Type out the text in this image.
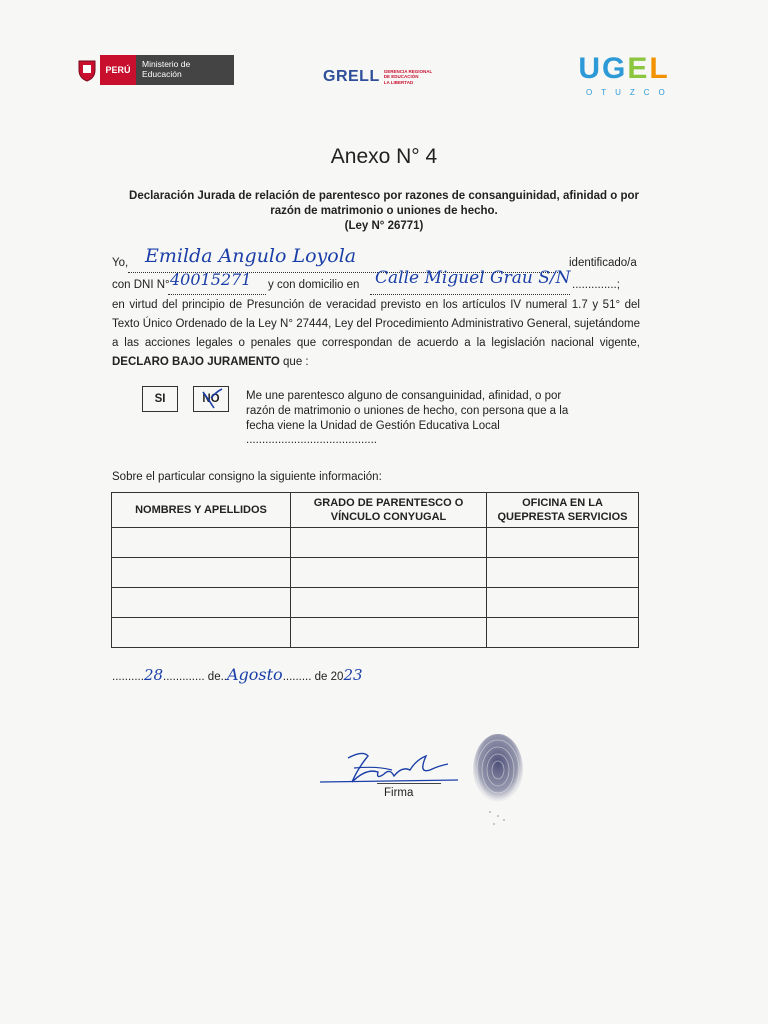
PERÚ
Ministerio de Educación	GRELL GERENCIA REGIONAL
DE EDUCACIÓN
LA LIBERTAD	UGEL
OTUZCO
Anexo N° 4
Declaración Jurada de relación de parentesco por razones de consanguinidad, afinidad o por
razón de matrimonio o uniones de hecho.
(Ley N° 26771)
Yo, Emilda Angulo Loyola	identificado/a
con DNI N° 40015271 y con domicilio en Calle Miguel Grau S/N ..............;
en virtud del principio de Presunción de veracidad previsto en los artículos IV numeral 1.7 y 51° del Texto Único Ordenado de la Ley N° 27444, Ley del Procedimiento Administrativo General, sujetándome a las acciones legales o penales que correspondan de acuerdo a la legislación nacional vigente, DECLARO BAJO JURAMENTO que :
SI	NO Me une parentesco alguno de consanguinidad, afinidad, o por
razón de matrimonio o uniones de hecho, con persona que a la
fecha viene la Unidad de Gestión Educativa Local
.........................................
Sobre el particular consigno la siguiente información:
NOMBRES Y APELLIDOS	GRADO DE PARENTESCO O VÍNCULO CONYUGAL	OFICINA EN LA QUEPRESTA SERVICIOS

..........28............. de..Agosto......... de 2023
Firma
